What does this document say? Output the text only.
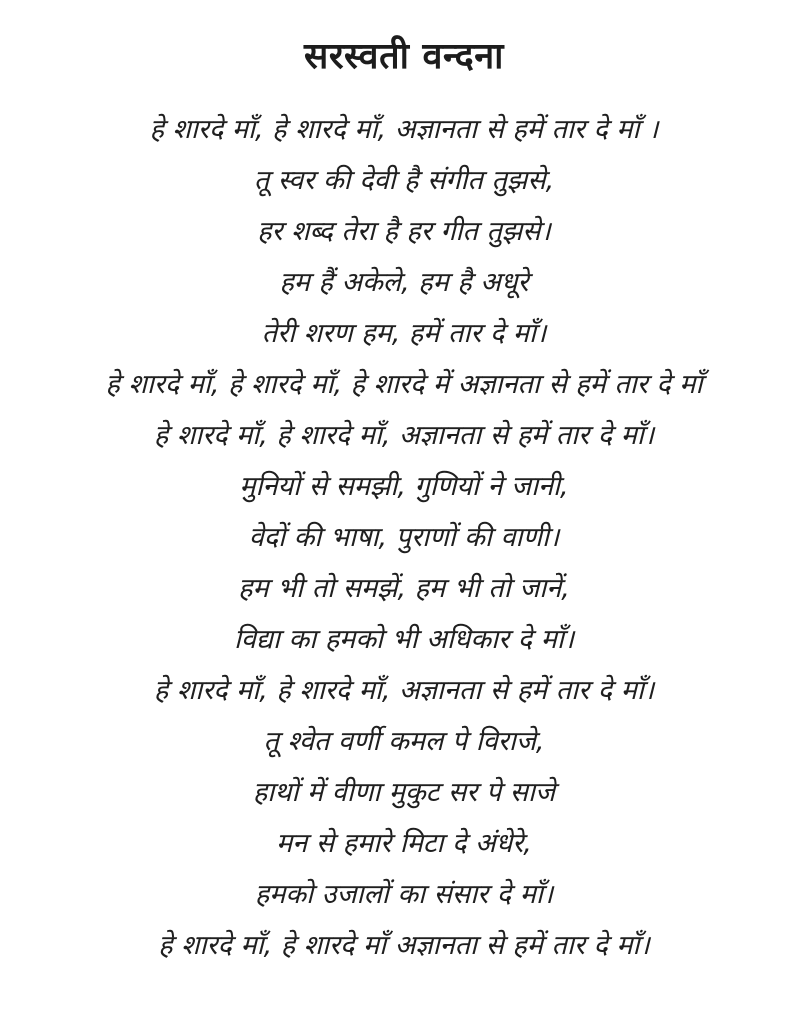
सरस्वती वन्दना
हे शारदे माँ, हे शारदे माँ, अज्ञानता से हमें तार दे माँ ।
तू स्वर की देवी है संगीत तुझसे,
हर शब्द तेरा है हर गीत तुझसे।
हम हैं अकेले, हम है अधूरे
तेरी शरण हम, हमें तार दे माँ।
हे शारदे माँ, हे शारदे माँ, हे शारदे में अज्ञानता से हमें तार दे माँ
हे शारदे माँ, हे शारदे माँ, अज्ञानता से हमें तार दे माँ।
मुनियों से समझी, गुणियों ने जानी,
वेदों की भाषा, पुराणों की वाणी।
हम भी तो समझें, हम भी तो जानें,
विद्या का हमको भी अधिकार दे माँ।
हे शारदे माँ, हे शारदे माँ, अज्ञानता से हमें तार दे माँ।
तू श्वेत वर्णी कमल पे विराजे,
हाथों में वीणा मुकुट सर पे साजे
मन से हमारे मिटा दे अंधेरे,
हमको उजालों का संसार दे माँ।
हे शारदे माँ, हे शारदे माँ अज्ञानता से हमें तार दे माँ।
